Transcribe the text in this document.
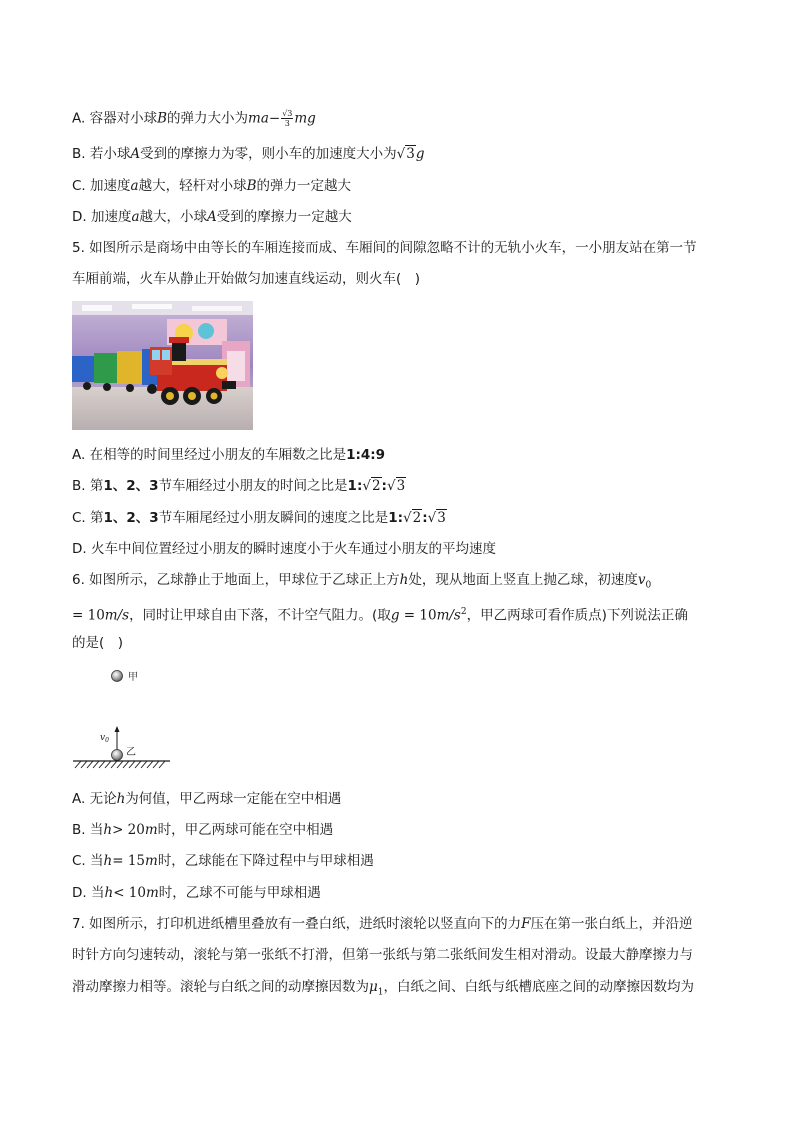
A. 容器对小球B的弹力大小为$ma- \frac{√3}{3}$ mg
B. 若小球A受到的摩擦力为零，则小车的加速度大小为√3g
C. 加速度a越大，轻杆对小球B的弹力一定越大
D. 加速度a越大，小球A受到的摩擦力一定越大
5. 如图所示是商场中由等长的车厢连接而成、车厢间的间隙忽略不计的无轨小火车，一小朋友站在第一节
车厢前端，火车从静止开始做匀加速直线运动，则火车(　)
A. 在相等的时间里经过小朋友的车厢数之比是1:4:9
B. 第1、2、3节车厢经过小朋友的时间之比是1:√2:√3
C. 第1、2、3节车厢尾经过小朋友瞬间的速度之比是1:√2:√3
D. 火车中间位置经过小朋友的瞬时速度小于火车通过小朋友的平均速度
6. 如图所示，乙球静止于地面上，甲球位于乙球正上方h处，现从地面上竖直上抛乙球，初速度$v_0$
= 10m/s，同时让甲球自由下落，不计空气阻力。(取$g = 10m/s^2$，甲乙两球可看作质点)下列说法正确
的是(　)
甲
$v_0$
乙
A. 无论h为何值，甲乙两球一定能在空中相遇
B. 当h> 20m时，甲乙两球可能在空中相遇
C. 当h= 15m时，乙球能在下降过程中与甲球相遇
D. 当h< 10m时，乙球不可能与甲球相遇
7. 如图所示，打印机进纸槽里叠放有一叠白纸，进纸时滚轮以竖直向下的力F压在第一张白纸上，并沿逆
时针方向匀速转动，滚轮与第一张纸不打滑，但第一张纸与第二张纸间发生相对滑动。设最大静摩擦力与
滑动摩擦力相等。滚轮与白纸之间的动摩擦因数为$\mu_1$，白纸之间、白纸与纸槽底座之间的动摩擦因数均为
